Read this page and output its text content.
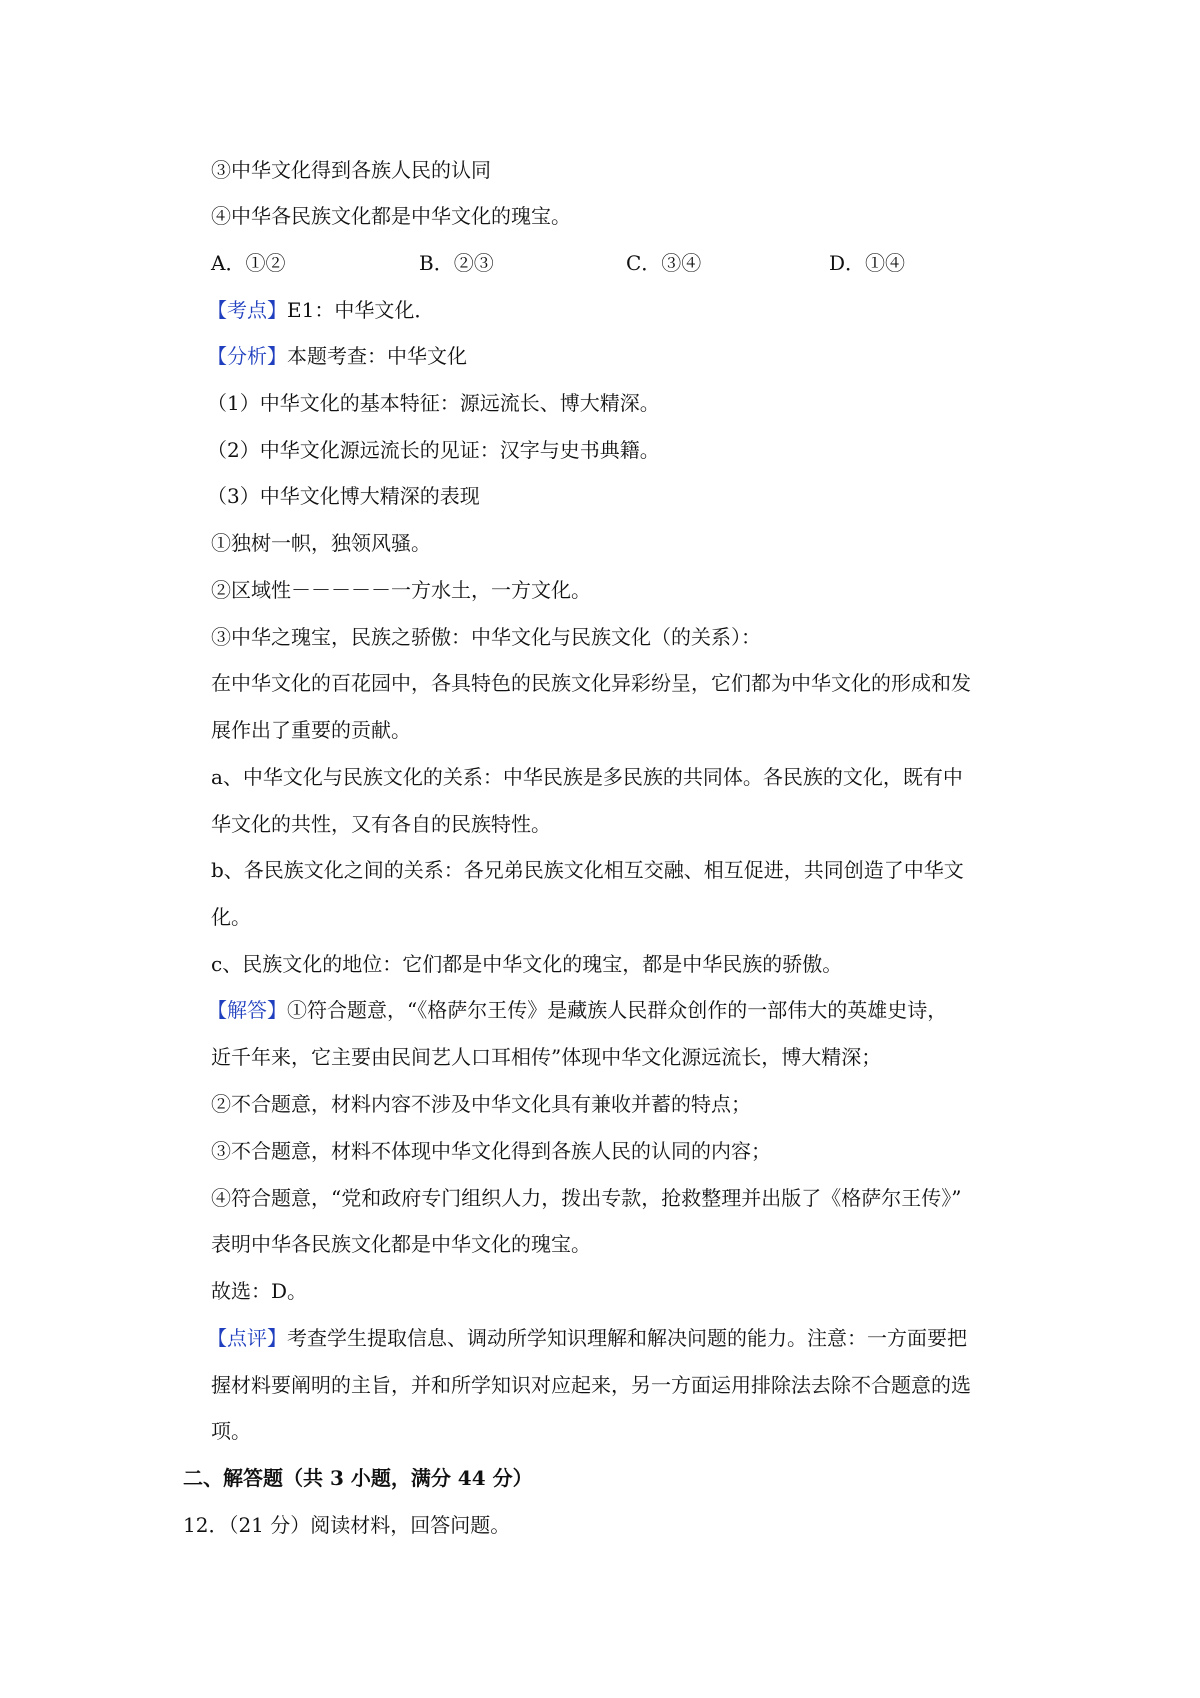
③中华文化得到各族人民的认同
④中华各民族文化都是中华文化的瑰宝。
A．①②	B．②③	C．③④	D．①④
【考点】E1：中华文化．
【分析】本题考查：中华文化
（1）中华文化的基本特征：源远流长、博大精深。
（2）中华文化源远流长的见证：汉字与史书典籍。
（3）中华文化博大精深的表现
①独树一帜，独领风骚。
②区域性－－－－－一方水土，一方文化。
③中华之瑰宝，民族之骄傲：中华文化与民族文化（的关系）：
在中华文化的百花园中，各具特色的民族文化异彩纷呈，它们都为中华文化的形成和发
展作出了重要的贡献。
a、中华文化与民族文化的关系：中华民族是多民族的共同体。各民族的文化，既有中
华文化的共性，又有各自的民族特性。
b、各民族文化之间的关系：各兄弟民族文化相互交融、相互促进，共同创造了中华文
化。
c、民族文化的地位：它们都是中华文化的瑰宝，都是中华民族的骄傲。
【解答】①符合题意，“《格萨尔王传》是藏族人民群众创作的一部伟大的英雄史诗，
近千年来，它主要由民间艺人口耳相传”体现中华文化源远流长，博大精深；
②不合题意，材料内容不涉及中华文化具有兼收并蓄的特点；
③不合题意，材料不体现中华文化得到各族人民的认同的内容；
④符合题意，“党和政府专门组织人力，拨出专款，抢救整理并出版了《格萨尔王传》”
表明中华各民族文化都是中华文化的瑰宝。
故选：D。
【点评】考查学生提取信息、调动所学知识理解和解决问题的能力。注意：一方面要把
握材料要阐明的主旨，并和所学知识对应起来，另一方面运用排除法去除不合题意的选
项。
二、解答题（共 3 小题，满分 44 分）
12．（21 分）阅读材料，回答问题。
